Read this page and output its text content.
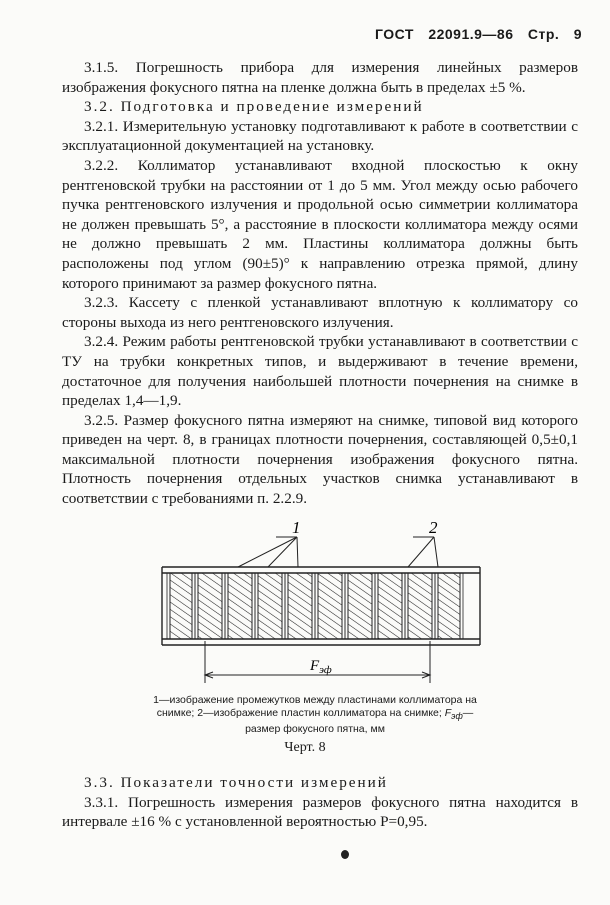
ГОСТ 22091.9—86 Стр. 9

3.1.5. Погрешность прибора для измерения линейных размеров изображения фокусного пятна на пленке должна быть в пределах ±5 %.

3.2. Подготовка и проведение измерений

3.2.1. Измерительную установку подготавливают к работе в соответствии с эксплуатационной документацией на установку.

3.2.2. Коллиматор устанавливают входной плоскостью к окну рентгеновской трубки на расстоянии от 1 до 5 мм. Угол между осью рабочего пучка рентгеновского излучения и продольной осью симметрии коллиматора не должен превышать 5°, а расстояние в плоскости коллиматора между осями не должно превышать 2 мм. Пластины коллиматора должны быть расположены под углом (90±5)° к направлению отрезка прямой, длину которого принимают за размер фокусного пятна.

3.2.3. Кассету с пленкой устанавливают вплотную к коллиматору со стороны выхода из него рентгеновского излучения.

3.2.4. Режим работы рентгеновской трубки устанавливают в соответствии с ТУ на трубки конкретных типов, и выдерживают в течение времени, достаточное для получения наибольшей плотности почернения на снимке в пределах 1,4—1,9.

3.2.5. Размер фокусного пятна измеряют на снимке, типовой вид которого приведен на черт. 8, в границах плотности почернения, составляющей 0,5±0,1 максимальной плотности почернения изображения фокусного пятна. Плотность почернения отдельных участков снимка устанавливают в соответствии с требованиями п. 2.2.9.

1	2
$F_{эф}$
1—изображение промежутков между пластинами коллиматора на снимке; 2—изображение пластин коллиматора на снимке; $F_{эф}—размер$ фокусного пятна, мм
Черт. 8

3.3. Показатели точности измерений

3.3.1. Погрешность измерения размеров фокусного пятна находится в интервале ±16 % с установленной вероятностью P=0,95.
